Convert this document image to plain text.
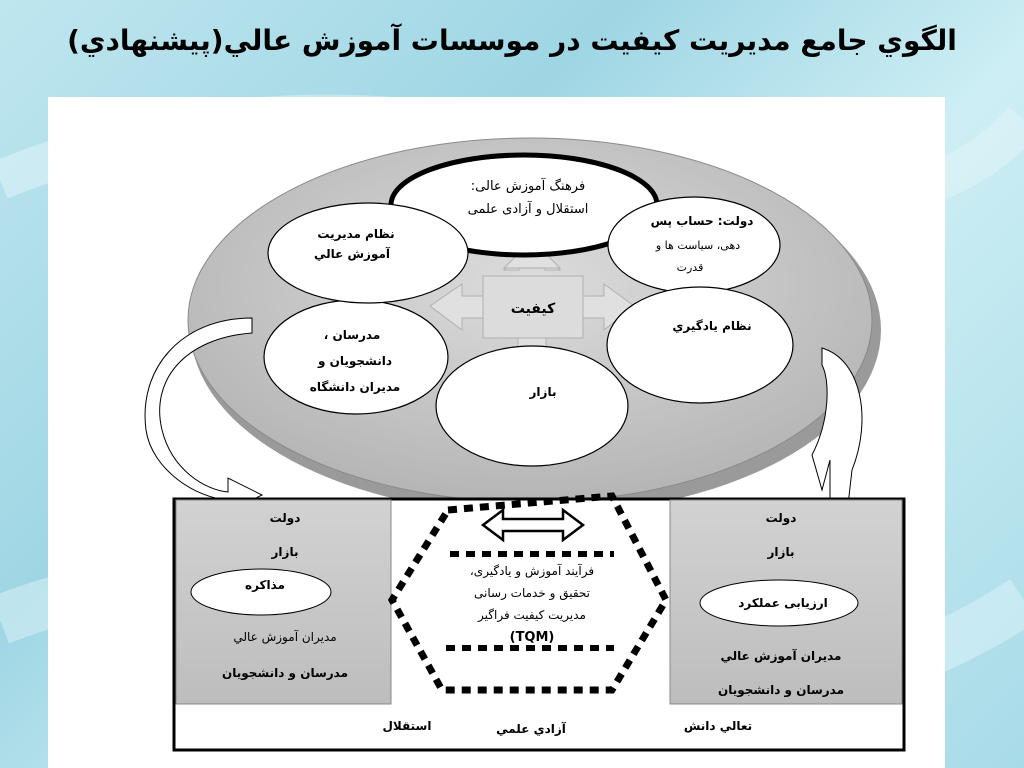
الگوي جامع مديريت كيفيت در موسسات آموزش عالي(پيشنهادي)
كيفيت
فرهنگ آموزش عالی:
استقلال و آزادی علمی
دولت: حساب پس
دهی، سیاست ها و
قدرت
نظام يادگيري
بازار
مدرسان ،
دانشجويان و
مديران دانشگاه
نظام مديريت
آموزش عالي
دولت
بازار
مذاكره
مديران آموزش عالي
مدرسان و دانشجويان
دولت
بازار
ارزيابی عملكرد
مديران آموزش عالي
مدرسان و دانشجويان
فرآیند آموزش و یادگیری،
تحقیق و خدمات رسانی
مدیریت کیفیت فراگیر
(TQM)
استقلال	آزادي علمي	تعالي دانش
